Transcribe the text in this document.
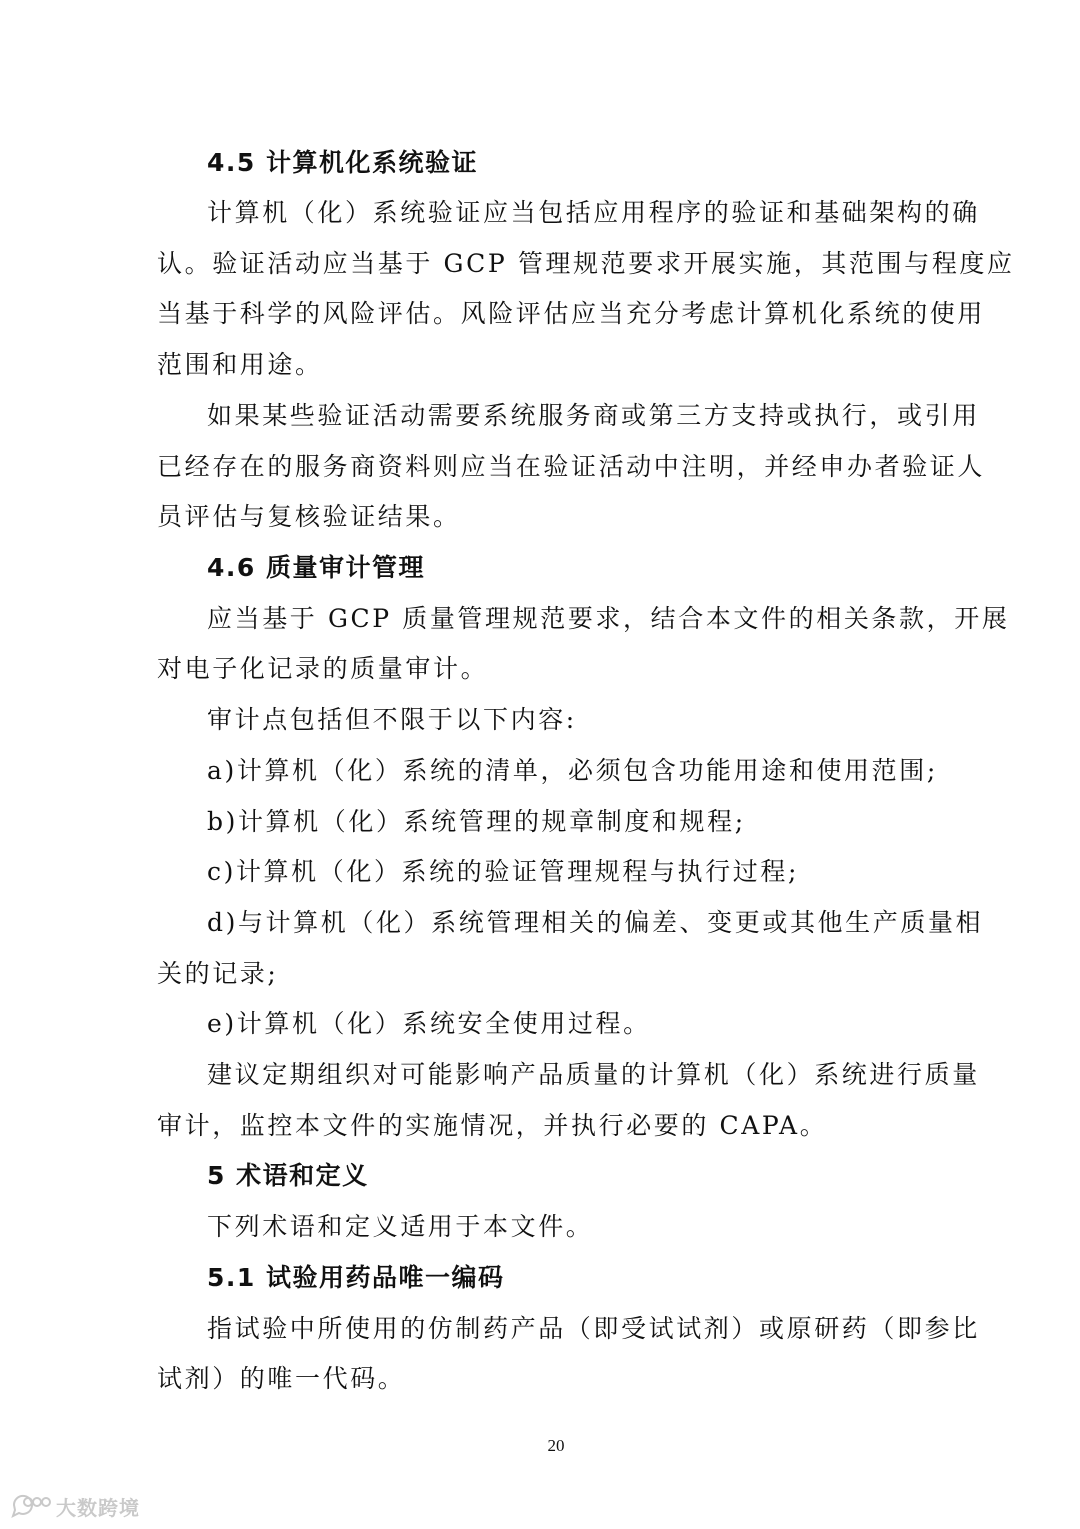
4.5 计算机化系统验证
计算机（化）系统验证应当包括应用程序的验证和基础架构的确
认。验证活动应当基于 GCP 管理规范要求开展实施，其范围与程度应
当基于科学的风险评估。风险评估应当充分考虑计算机化系统的使用
范围和用途。
如果某些验证活动需要系统服务商或第三方支持或执行，或引用
已经存在的服务商资料则应当在验证活动中注明，并经申办者验证人
员评估与复核验证结果。
4.6 质量审计管理
应当基于 GCP 质量管理规范要求，结合本文件的相关条款，开展
对电子化记录的质量审计。
审计点包括但不限于以下内容:
a)计算机（化）系统的清单，必须包含功能用途和使用范围;
b)计算机（化）系统管理的规章制度和规程;
c)计算机（化）系统的验证管理规程与执行过程;
d)与计算机（化）系统管理相关的偏差、变更或其他生产质量相
关的记录;
e)计算机（化）系统安全使用过程。
建议定期组织对可能影响产品质量的计算机（化）系统进行质量
审计，监控本文件的实施情况，并执行必要的 CAPA。
5 术语和定义
下列术语和定义适用于本文件。
5.1 试验用药品唯一编码
指试验中所使用的仿制药产品（即受试试剂）或原研药（即参比
试剂）的唯一代码。
20
大数跨境
